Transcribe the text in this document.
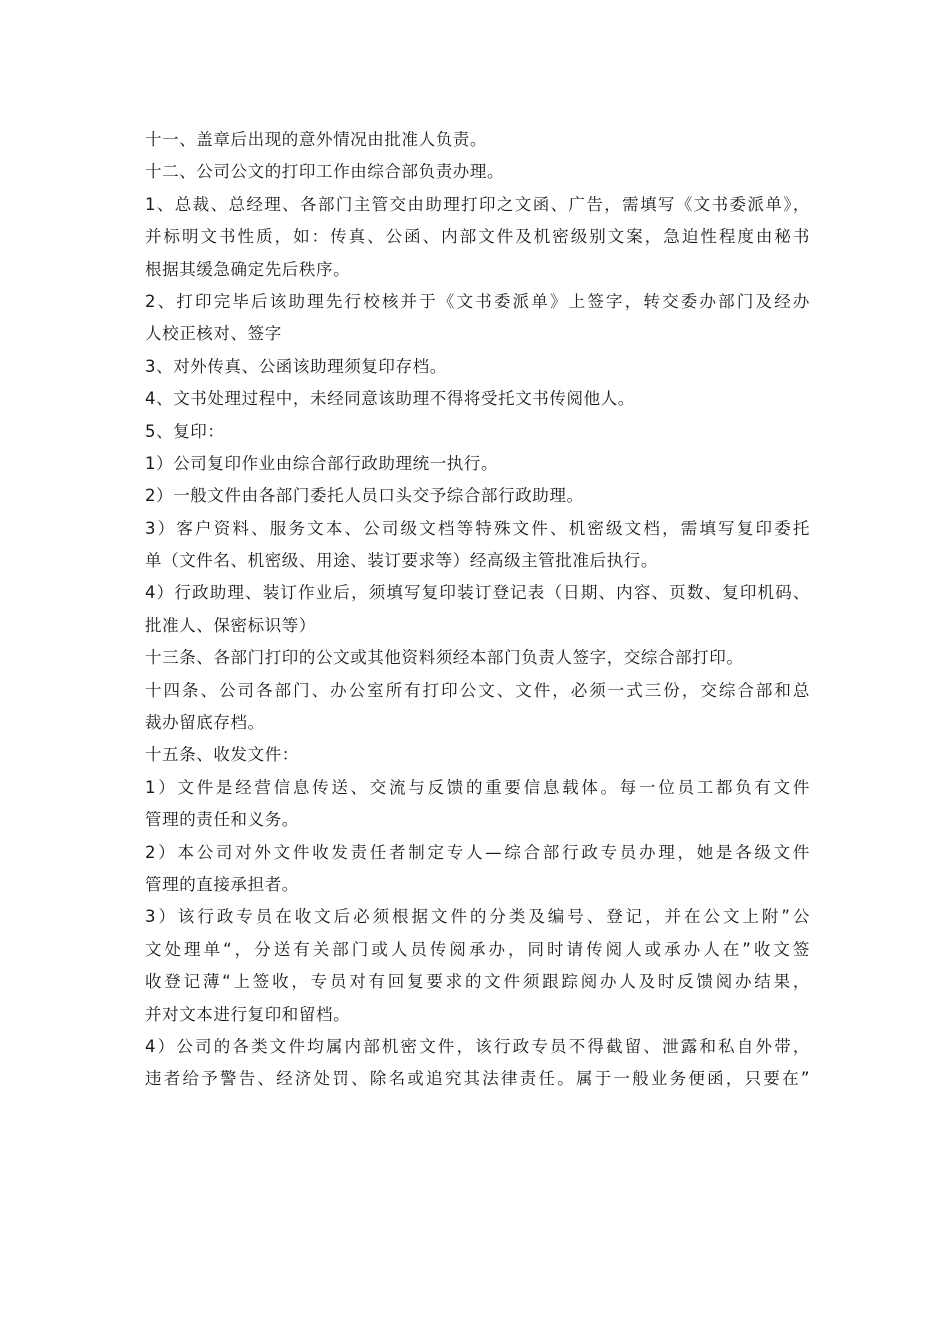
十一、盖章后出现的意外情况由批准人负责。
十二、公司公文的打印工作由综合部负责办理。
1、总裁、总经理、各部门主管交由助理打印之文函、广告，需填写《文书委派单》，
并标明文书性质，如：传真、公函、内部文件及机密级别文案，急迫性程度由秘书
根据其缓急确定先后秩序。
2、打印完毕后该助理先行校核并于《文书委派单》上签字，转交委办部门及经办
人校正核对、签字
3、对外传真、公函该助理须复印存档。
4、文书处理过程中，未经同意该助理不得将受托文书传阅他人。
5、复印：
1）公司复印作业由综合部行政助理统一执行。
2）一般文件由各部门委托人员口头交予综合部行政助理。
3）客户资料、服务文本、公司级文档等特殊文件、机密级文档，需填写复印委托
单（文件名、机密级、用途、装订要求等）经高级主管批准后执行。
4）行政助理、装订作业后，须填写复印装订登记表（日期、内容、页数、复印机码、
批准人、保密标识等）
十三条、各部门打印的公文或其他资料须经本部门负责人签字，交综合部打印。
十四条、公司各部门、办公室所有打印公文、文件，必须一式三份，交综合部和总
裁办留底存档。
十五条、收发文件：
1）文件是经营信息传送、交流与反馈的重要信息载体。每一位员工都负有文件
管理的责任和义务。
2）本公司对外文件收发责任者制定专人—综合部行政专员办理，她是各级文件
管理的直接承担者。
3）该行政专员在收文后必须根据文件的分类及编号、登记，并在公文上附”公
文处理单“，分送有关部门或人员传阅承办，同时请传阅人或承办人在”收文签
收登记薄“上签收，专员对有回复要求的文件须跟踪阅办人及时反馈阅办结果，
并对文本进行复印和留档。
4）公司的各类文件均属内部机密文件，该行政专员不得截留、泄露和私自外带，
违者给予警告、经济处罚、除名或追究其法律责任。属于一般业务便函，只要在”
